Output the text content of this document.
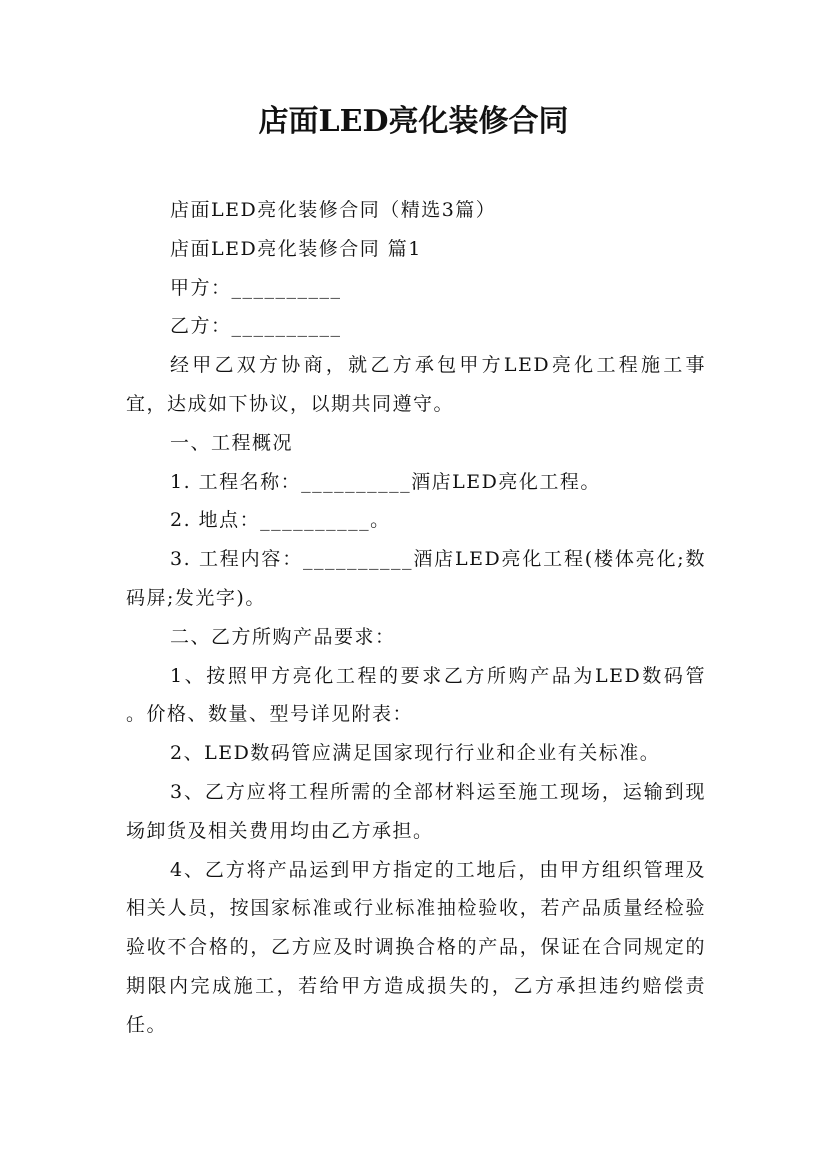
店面LED亮化装修合同

店面LED亮化装修合同（精选3篇）

店面LED亮化装修合同 篇1

甲方：__________

乙方：__________

经甲乙双方协商，就乙方承包甲方LED亮化工程施工事宜，达成如下协议，以期共同遵守。

一、工程概况

1. 工程名称：__________酒店LED亮化工程。

2. 地点：__________。

3. 工程内容：__________酒店LED亮化工程(楼体亮化;数码屏;发光字)。

二、乙方所购产品要求：

1、按照甲方亮化工程的要求乙方所购产品为LED数码管 。价格、数量、型号详见附表：

2、LED数码管应满足国家现行行业和企业有关标准。

3、乙方应将工程所需的全部材料运至施工现场，运输到现场卸货及相关费用均由乙方承担。

4、乙方将产品运到甲方指定的工地后，由甲方组织管理及相关人员，按国家标准或行业标准抽检验收，若产品质量经检验验收不合格的，乙方应及时调换合格的产品，保证在合同规定的期限内完成施工，若给甲方造成损失的，乙方承担违约赔偿责任。
